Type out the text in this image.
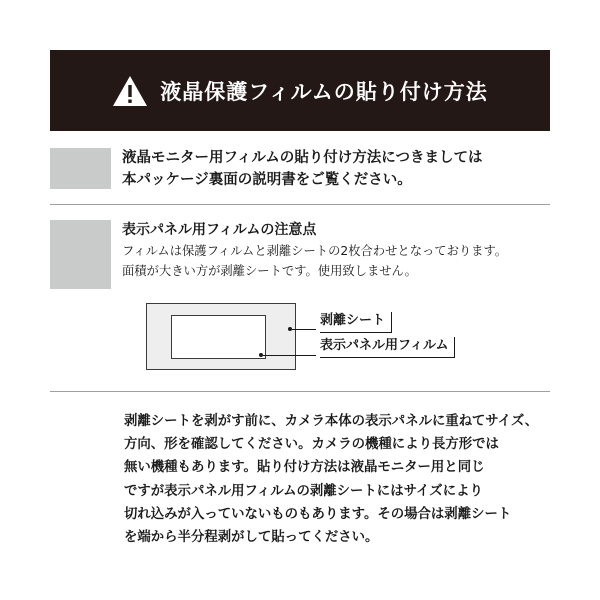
液晶保護フィルムの貼り付け方法
液晶モニター用フィルムの貼り付け方法につきましては
本パッケージ裏面の説明書をご覧ください。
表示パネル用フィルムの注意点
フィルムは保護フィルムと剥離シートの2枚合わせとなっております。
面積が大きい方が剥離シートです。使用致しません。
剥離シート
表示パネル用フィルム
剥離シートを剥がす前に、カメラ本体の表示パネルに重ねてサイズ、
方向、形を確認してください。カメラの機種により長方形では
無い機種もあります。貼り付け方法は液晶モニター用と同じ
ですが表示パネル用フィルムの剥離シートにはサイズにより
切れ込みが入っていないものもあります。その場合は剥離シート
を端から半分程剥がして貼ってください。
